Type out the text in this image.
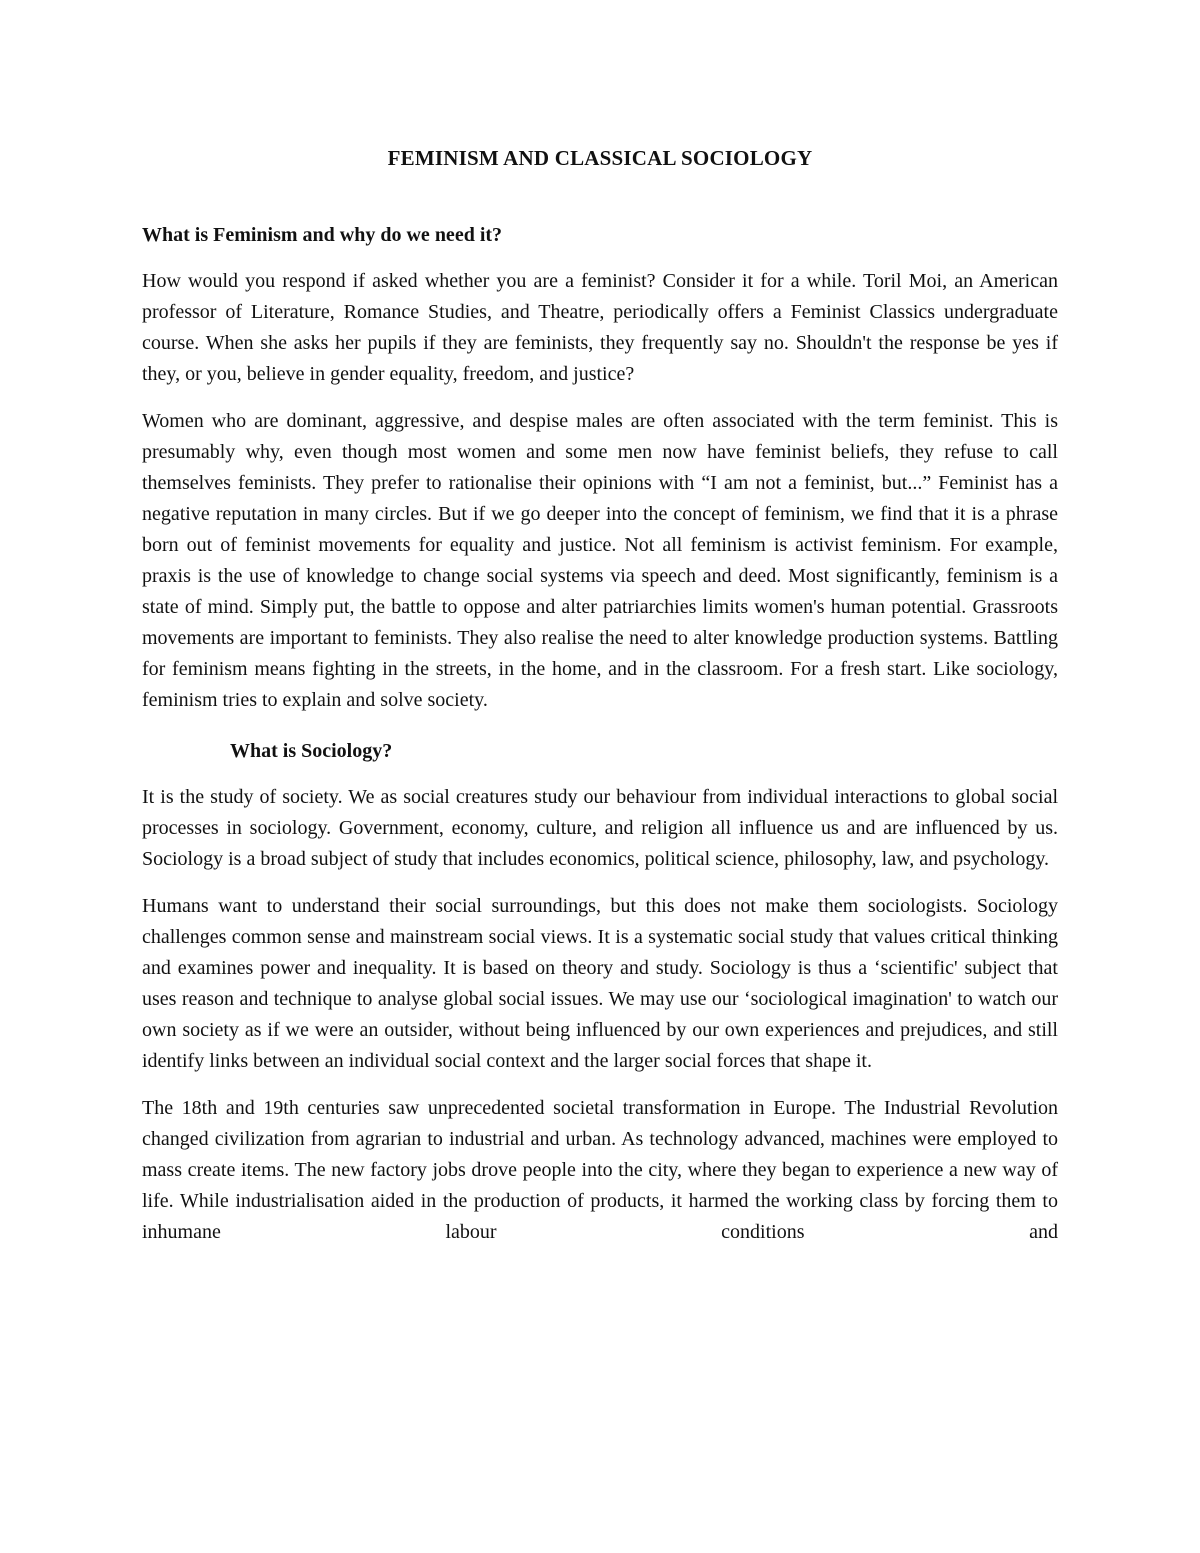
FEMINISM AND CLASSICAL SOCIOLOGY
What is Feminism and why do we need it?

How would you respond if asked whether you are a feminist? Consider it for a while. Toril Moi, an American professor of Literature, Romance Studies, and Theatre, periodically offers a Feminist Classics undergraduate course. When she asks her pupils if they are feminists, they frequently say no. Shouldn't the response be yes if they, or you, believe in gender equality, freedom, and justice?

Women who are dominant, aggressive, and despise males are often associated with the term feminist. This is presumably why, even though most women and some men now have feminist beliefs, they refuse to call themselves feminists. They prefer to rationalise their opinions with “I am not a feminist, but...” Feminist has a negative reputation in many circles. But if we go deeper into the concept of feminism, we find that it is a phrase born out of feminist movements for equality and justice. Not all feminism is activist feminism. For example, praxis is the use of knowledge to change social systems via speech and deed. Most significantly, feminism is a state of mind. Simply put, the battle to oppose and alter patriarchies limits women's human potential. Grassroots movements are important to feminists. They also realise the need to alter knowledge production systems. Battling for feminism means fighting in the streets, in the home, and in the classroom. For a fresh start. Like sociology, feminism tries to explain and solve society.

What is Sociology?

It is the study of society. We as social creatures study our behaviour from individual interactions to global social processes in sociology. Government, economy, culture, and religion all influence us and are influenced by us. Sociology is a broad subject of study that includes economics, political science, philosophy, law, and psychology.

Humans want to understand their social surroundings, but this does not make them sociologists. Sociology challenges common sense and mainstream social views. It is a systematic social study that values critical thinking and examines power and inequality. It is based on theory and study. Sociology is thus a ‘scientific' subject that uses reason and technique to analyse global social issues. We may use our ‘sociological imagination' to watch our own society as if we were an outsider, without being influenced by our own experiences and prejudices, and still identify links between an individual social context and the larger social forces that shape it.

The 18th and 19th centuries saw unprecedented societal transformation in Europe. The Industrial Revolution changed civilization from agrarian to industrial and urban. As technology advanced, machines were employed to mass create items. The new factory jobs drove people into the city, where they began to experience a new way of life. While industrialisation aided in the production of products, it harmed the working class by forcing them to inhumane labour conditions and
